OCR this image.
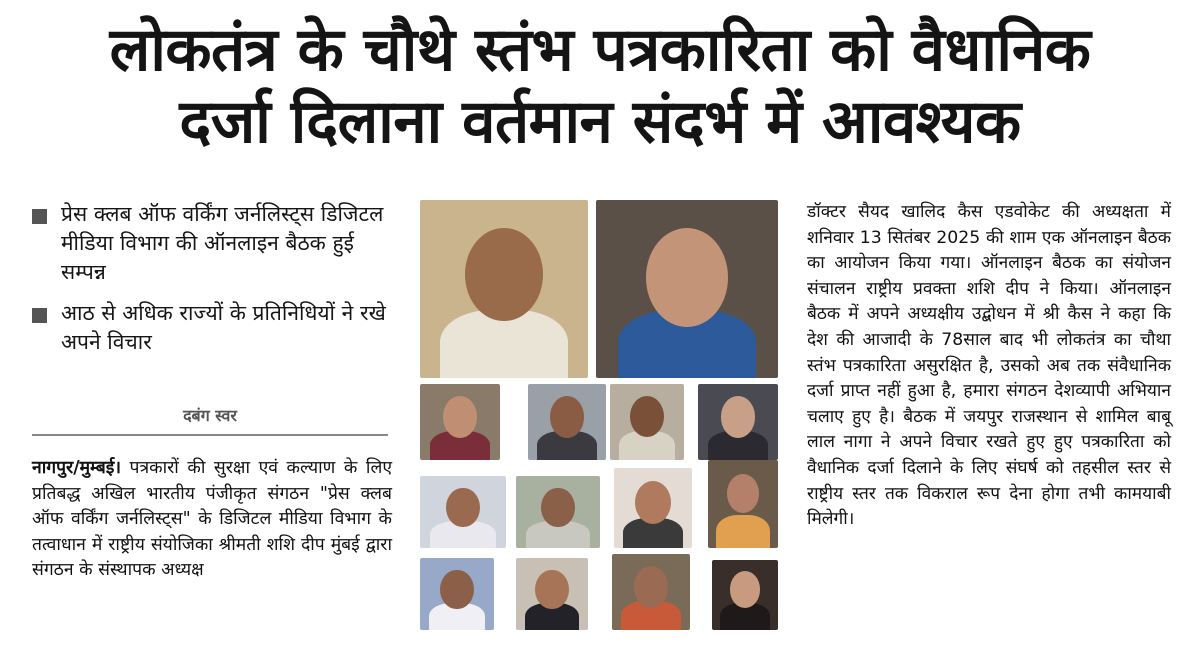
लोकतंत्र के चौथे स्तंभ पत्रकारिता को वैधानिक
दर्जा दिलाना वर्तमान संदर्भ में आवश्यक
प्रेस क्लब ऑफ वर्किंग जर्नलिस्ट्स डिजिटल मीडिया विभाग की ऑनलाइन बैठक हुई सम्पन्न
आठ से अधिक राज्यों के प्रतिनिधियों ने रखे अपने विचार
दबंग स्वर
नागपुर/मुम्बई। पत्रकारों की सुरक्षा एवं कल्याण के लिए प्रतिबद्ध अखिल भारतीय पंजीकृत संगठन "प्रेस क्लब ऑफ वर्किंग जर्नलिस्ट्स" के डिजिटल मीडिया विभाग के तत्वाधान में राष्ट्रीय संयोजिका श्रीमती शशि दीप मुंबई द्वारा संगठन के संस्थापक अध्यक्ष
डॉक्टर सैयद खालिद कैस एडवोकेट की अध्यक्षता में शनिवार 13 सितंबर 2025 की शाम एक ऑनलाइन बैठक का आयोजन किया गया। ऑनलाइन बैठक का संयोजन संचालन राष्ट्रीय प्रवक्ता शशि दीप ने किया। ऑनलाइन बैठक में अपने अध्यक्षीय उद्बोधन में श्री कैस ने कहा कि देश की आजादी के 78साल बाद भी लोकतंत्र का चौथा स्तंभ पत्रकारिता असुरक्षित है, उसको अब तक संवैधानिक दर्जा प्राप्त नहीं हुआ है, हमारा संगठन देशव्यापी अभियान चलाए हुए है। बैठक में जयपुर राजस्थान से शामिल बाबू लाल नागा ने अपने विचार रखते हुए हुए पत्रकारिता को वैधानिक दर्जा दिलाने के लिए संघर्ष को तहसील स्तर से राष्ट्रीय स्तर तक विकराल रूप देना होगा तभी कामयाबी मिलेगी।
